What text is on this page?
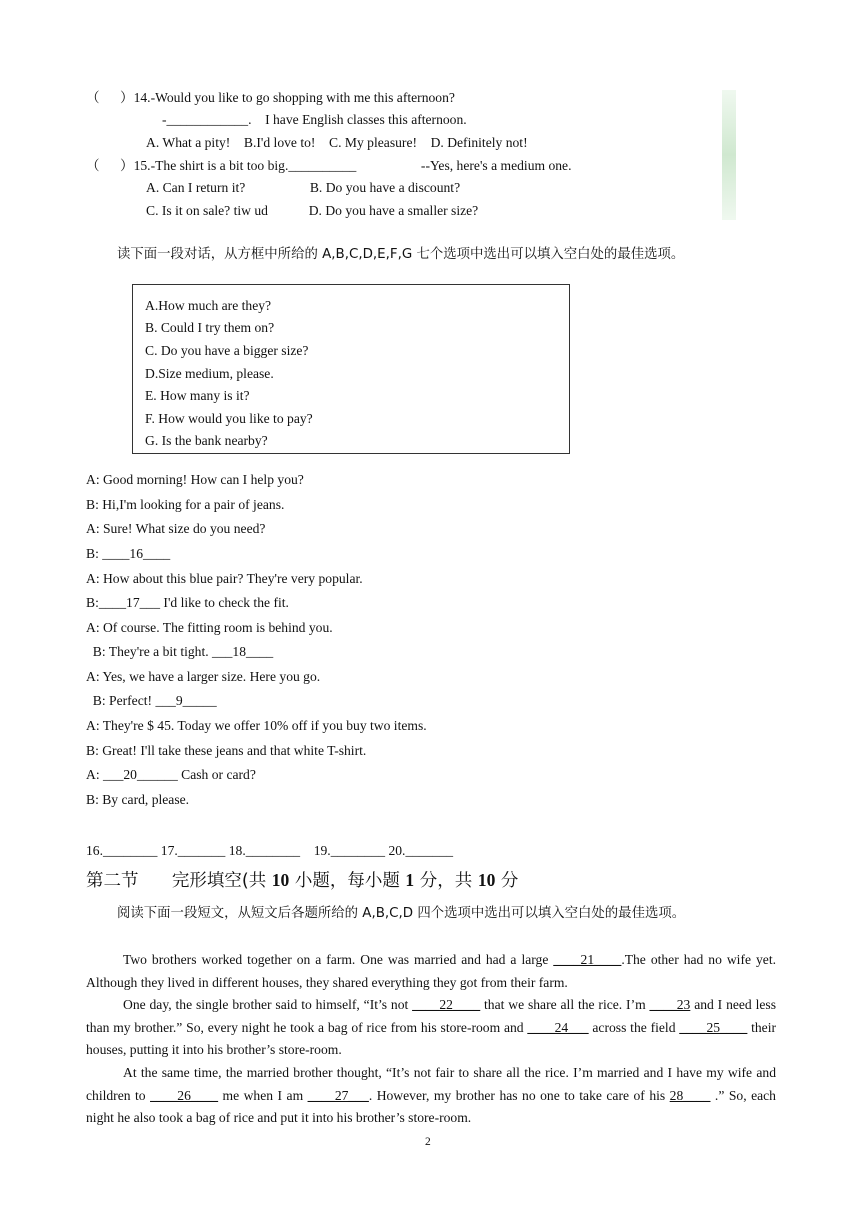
（      ）14.-Would you like to go shopping with me this afternoon?
-____________.    I have English classes this afternoon.
A. What a pity!    B.I'd love to!    C. My pleasure!    D. Definitely not!
（      ）15.-The shirt is a bit too big.__________                   --Yes, here's a medium one.
A. Can I return it?                   B. Do you have a discount?
C. Is it on sale? tiw ud            D. Do you have a smaller size?
读下面一段对话，从方框中所给的 A,B,C,D,E,F,G 七个选项中选出可以填入空白处的最佳选项。
A.How much are they?
B. Could I try them on?
C. Do you have a bigger size?
D.Size medium, please.
E. How many is it?
F. How would you like to pay?
G. Is the bank nearby?
A: Good morning! How can I help you?
B: Hi,I'm looking for a pair of jeans.
A: Sure! What size do you need?
B: ____16____
A: How about this blue pair? They're very popular.
B:____17___ I'd like to check the fit.
A: Of course. The fitting room is behind you.
B: They're a bit tight. ___18____
A: Yes, we have a larger size. Here you go.
B: Perfect! ___9_____
A: They're $ 45. Today we offer 10% off if you buy two items.
B: Great! I'll take these jeans and that white T-shirt.
A: ___20______ Cash or card?
B: By card, please.
16.________ 17._______ 18.________    19.________ 20._______
第二节 完形填空(共 10 小题，每小题 1 分，共 10 分
阅读下面一段短文，从短文后各题所给的 A,B,C,D 四个选项中选出可以填入空白处的最佳选项。
Two brothers worked together on a farm. One was married and had a large ____21____.The other had no wife yet. Although they lived in different houses, they shared everything they got from their farm.
One day, the single brother said to himself, “It’s not ____22____ that we share all the rice. I’m ____23 and I need less than my brother.” So, every night he took a bag of rice from his store-room and ____24___ across the field ____25____ their houses, putting it into his brother’s store-room.
At the same time, the married brother thought, “It’s not fair to share all the rice. I’m married and I have my wife and children to ____26____ me when I am ____27___. However, my brother has no one to take care of his 28____ .” So, each night he also took a bag of rice and put it into his brother’s store-room.
2
